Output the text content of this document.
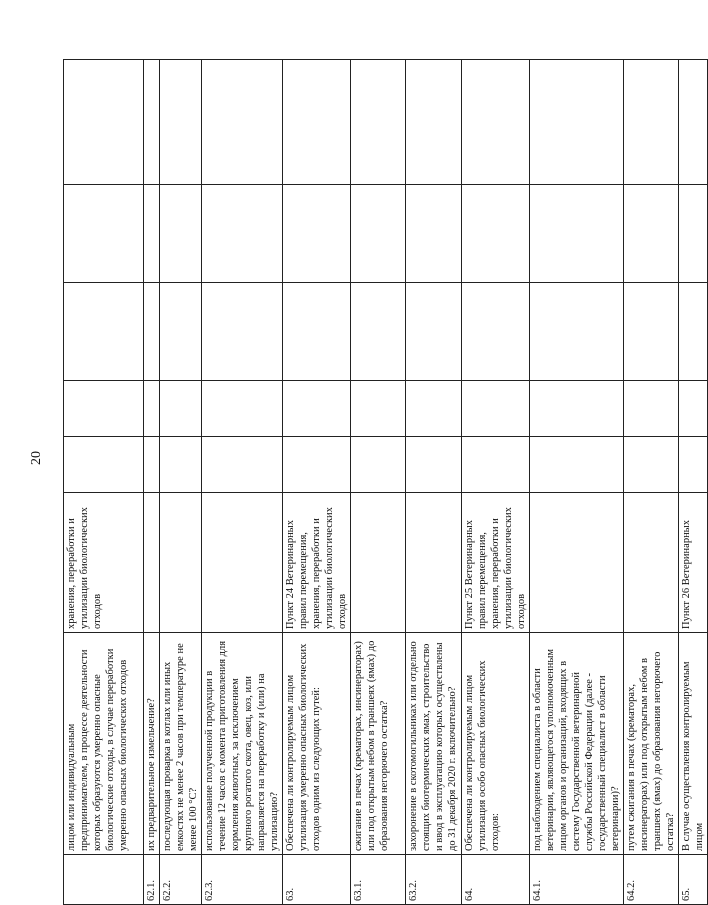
20
	лицом или индивидуальным предпринимателем, в процессе деятельности которых образуются умеренно опасные биологические отходы, в случае переработки умеренно опасных биологических отходов	хранения, переработки и утилизации биологических отходов					
62.1.	их предварительное измельчение?						
62.2.	последующая проварка в котлах или иных емкостях не менее 2 часов при температуре не менее 100 °С?						
62.3.	использование полученной продукции в течение 12 часов с момента приготовления для кормления животных, за исключением крупного рогатого скота, овец, коз, или направляется на переработку и (или) на утилизацию?						
63.	Обеспечена ли контролируемым лицом утилизация умеренно опасных биологических отходов одним из следующих путей:	Пункт 24 Ветеринарных правил перемещения, хранения, переработки и утилизации биологических отходов					
63.1.	сжигание в печах (крематорах, инсинераторах) или под открытым небом в траншеях (ямах) до образования негорючего остатка?						
63.2.	захоронение в скотомогильниках или отдельно стоящих биотермических ямах, строительство и ввод в эксплуатацию которых осуществлены до 31 декабря 2020 г. включительно?						
64.	Обеспечена ли контролируемым лицом утилизация особо опасных биологических отходов:	Пункт 25 Ветеринарных правил перемещения, хранения, переработки и утилизации биологических отходов					
64.1.	под наблюдением специалиста в области ветеринарии, являющегося уполномоченным лицом органов и организаций, входящих в систему Государственной ветеринарной службы Российской Федерации (далее - государственный специалист в области ветеринарии)?						
64.2.	путем сжигания в печах (крематорах, инсинераторах) или под открытым небом в траншеях (ямах) до образования негорючего остатка?						
65.	В случае осуществления контролируемым лицом	Пункт 26 Ветеринарных					
